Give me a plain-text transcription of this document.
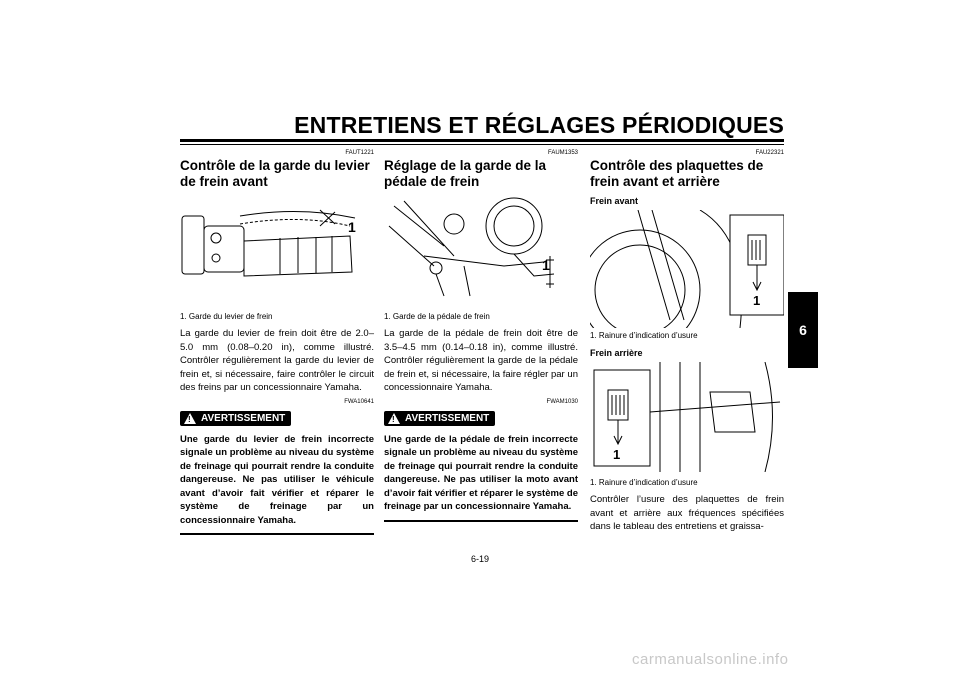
ENTRETIENS ET RÉGLAGES PÉRIODIQUES
FAUT1221
Contrôle de la garde du levier de frein avant
1
1. Garde du levier de frein

La garde du levier de frein doit être de 2.0–5.0 mm (0.08–0.20 in), comme illustré. Contrôler régulièrement la garde du levier de frein et, si nécessaire, faire contrôler le circuit des freins par un concessionnaire Yamaha.

FWA10641
! AVERTISSEMENT

Une garde du levier de frein incorrecte signale un problème au niveau du système de freinage qui pourrait rendre la conduite dangereuse. Ne pas utiliser le véhicule avant d’avoir fait vérifier et réparer le système de freinage par un concessionnaire Yamaha.

FAUM1353
Réglage de la garde de la pédale de frein
1
1. Garde de la pédale de frein

La garde de la pédale de frein doit être de 3.5–4.5 mm (0.14–0.18 in), comme illustré. Contrôler régulièrement la garde de la pédale de frein et, si nécessaire, la faire régler par un concessionnaire Yamaha.

FWAM1030
! AVERTISSEMENT

Une garde de la pédale de frein incorrecte signale un problème au niveau du système de freinage qui pourrait rendre la conduite dangereuse. Ne pas utiliser la moto avant d’avoir fait vérifier et réparer le système de freinage par un concessionnaire Yamaha.

FAU22321
Contrôle des plaquettes de frein avant et arrière
Frein avant
1
1. Rainure d’indication d’usure
Frein arrière
1
1. Rainure d’indication d’usure

Contrôler l’usure des plaquettes de frein avant et arrière aux fréquences spécifiées dans le tableau des entretiens et graissa-

6
6-19
carmanualsonline.info
